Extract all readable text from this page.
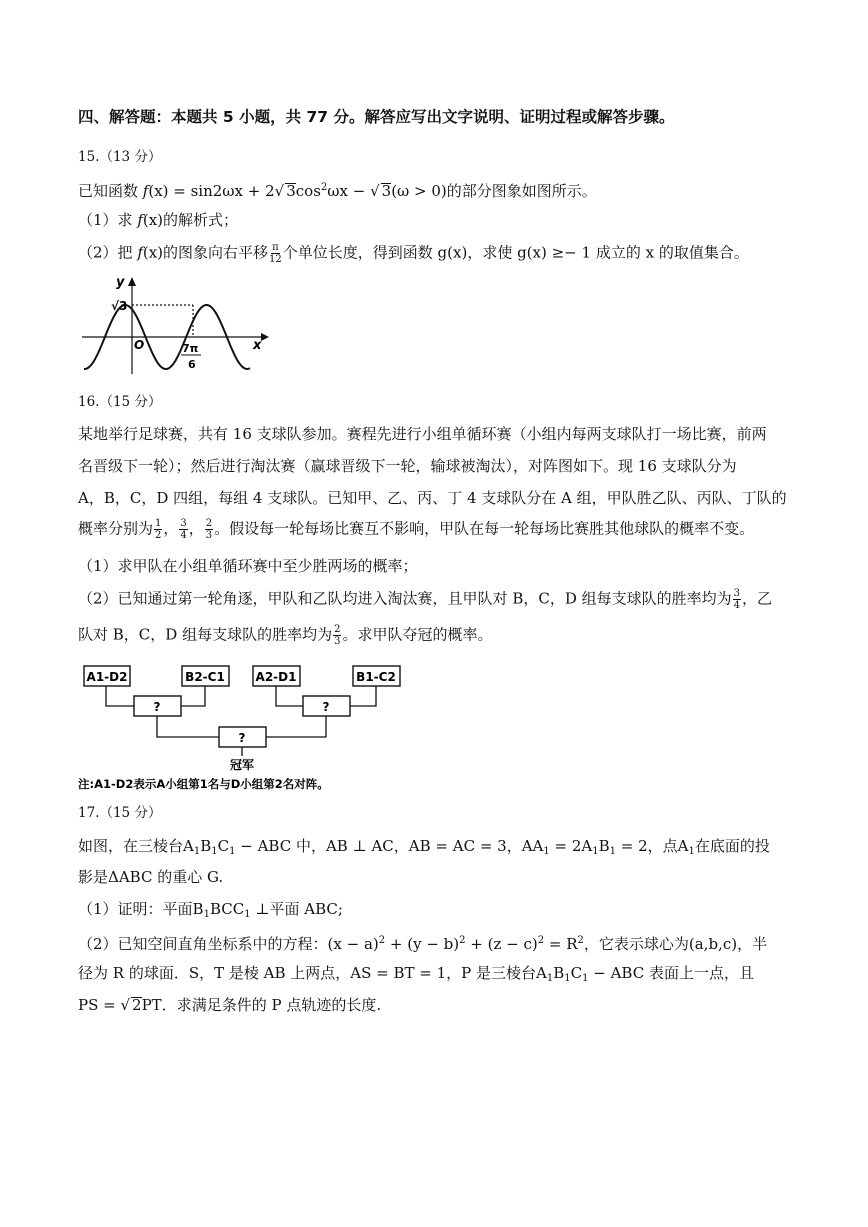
四、解答题：本题共 5 小题，共 77 分。解答应写出文字说明、证明过程或解答步骤。
15.（13 分）
已知函数 f(x) = sin2ωx + 2√ $3\cos^2\omega x$ − √ 3(ω > 0)的部分图象如图所示。
（1）求 f(x)的解析式；
（2）把 f(x)的图象向右平移 $\frac{\pi}{12}$ 个单位长度，得到函数 g(x)，求使 g(x) ≥− 1 成立的 x 的取值集合。
y
x
O
√3
7π
6
16.（15 分）
某地举行足球赛，共有 16 支球队参加。赛程先进行小组单循环赛（小组内每两支球队打一场比赛，前两
名晋级下一轮）；然后进行淘汰赛（赢球晋级下一轮，输球被淘汰），对阵图如下。现 16 支球队分为
A，B，C，D 四组，每组 4 支球队。已知甲、乙、丙、丁 4 支球队分在 A 组，甲队胜乙队、丙队、丁队的
概率分别为 $\frac{1}{2}$ ， $\frac{3}{4}$ ， $\frac{2}{3}$ 。假设每一轮每场比赛互不影响，甲队在每一轮每场比赛胜其他球队的概率不变。
（1）求甲队在小组单循环赛中至少胜两场的概率；
（2）已知通过第一轮角逐，甲队和乙队均进入淘汰赛，且甲队对 B，C，D 组每支球队的胜率均为 $\frac{3}{4}$ ，乙
队对 B，C，D 组每支球队的胜率均为 $\frac{2}{3}$ 。求甲队夺冠的概率。
A1-D2	B2-C1	A2-D1	B1-C2
?	?
?
冠军
注:A1-D2表示A小组第1名与D小组第2名对阵。
17.（15 分）
如图，在三棱台$A_1B_1C_1$ − ABC 中，AB ⊥ AC，AB = AC = 3，$AA_1 = 2A_1B_1 = 2$，点$A_1$在底面的投
影是ΔABC 的重心 G.
（1）证明：平面$B_1BCC_1$ ⊥平面 ABC;
（2）已知空间直角坐标系中的方程：$(x - a)^2 + (y - b)^2 + (z - c)^2 = R^2$，它表示球心为(a,b,c)，半
径为 R 的球面．S，T 是棱 AB 上两点，AS = BT = 1，P 是三棱台$A_1B_1C_1$ − ABC 表面上一点，且
PS = √ 2PT．求满足条件的 P 点轨迹的长度.
